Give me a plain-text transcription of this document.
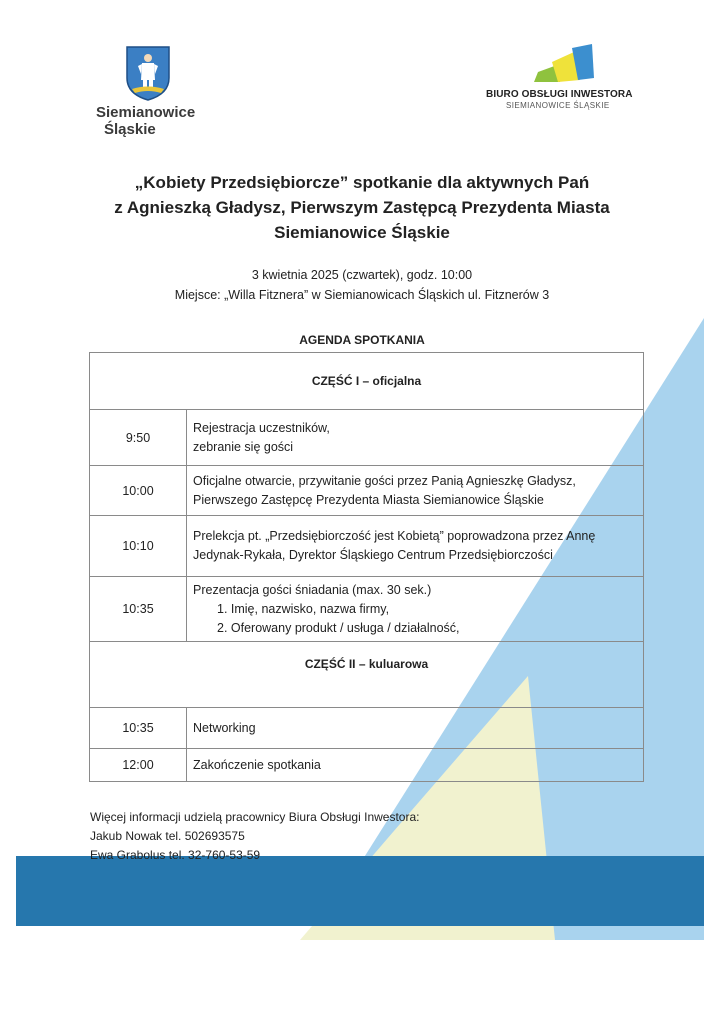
Siemianowice
Śląskie
BIURO OBSŁUGI INWESTORA
SIEMIANOWICE ŚLĄSKIE
„Kobiety Przedsiębiorcze” spotkanie dla aktywnych Pań
z Agnieszką Gładysz, Pierwszym Zastępcą Prezydenta Miasta
Siemianowice Śląskie
3 kwietnia 2025 (czwartek), godz. 10:00
Miejsce: „Willa Fitznera” w Siemianowicach Śląskich ul. Fitznerów 3
AGENDA SPOTKANIA
CZĘŚĆ I – oficjalna	
9:50	Rejestracja uczestników,
zebranie się gości

10:00	Oficjalne otwarcie, przywitanie gości przez Panią Agnieszkę Gładysz,
Pierwszego Zastępcę Prezydenta Miasta Siemianowice Śląskie

10:10	Prelekcja pt. „Przedsiębiorczość jest Kobietą” poprowadzona przez Annę
Jedynak-Rykała, Dyrektor Śląskiego Centrum Przedsiębiorczości

10:35	Prezentacja gości śniadania (max. 30 sek.)
1. Imię, nazwisko, nazwa firmy,
2. Oferowany produkt / usługa / działalność,

CZĘŚĆ II – kuluarowa	
10:35	Networking

12:00	Zakończenie spotkania
Więcej informacji udzielą pracownicy Biura Obsługi Inwestora:
Jakub Nowak tel. 502693575
Ewa Grabolus tel. 32-760-53-59
